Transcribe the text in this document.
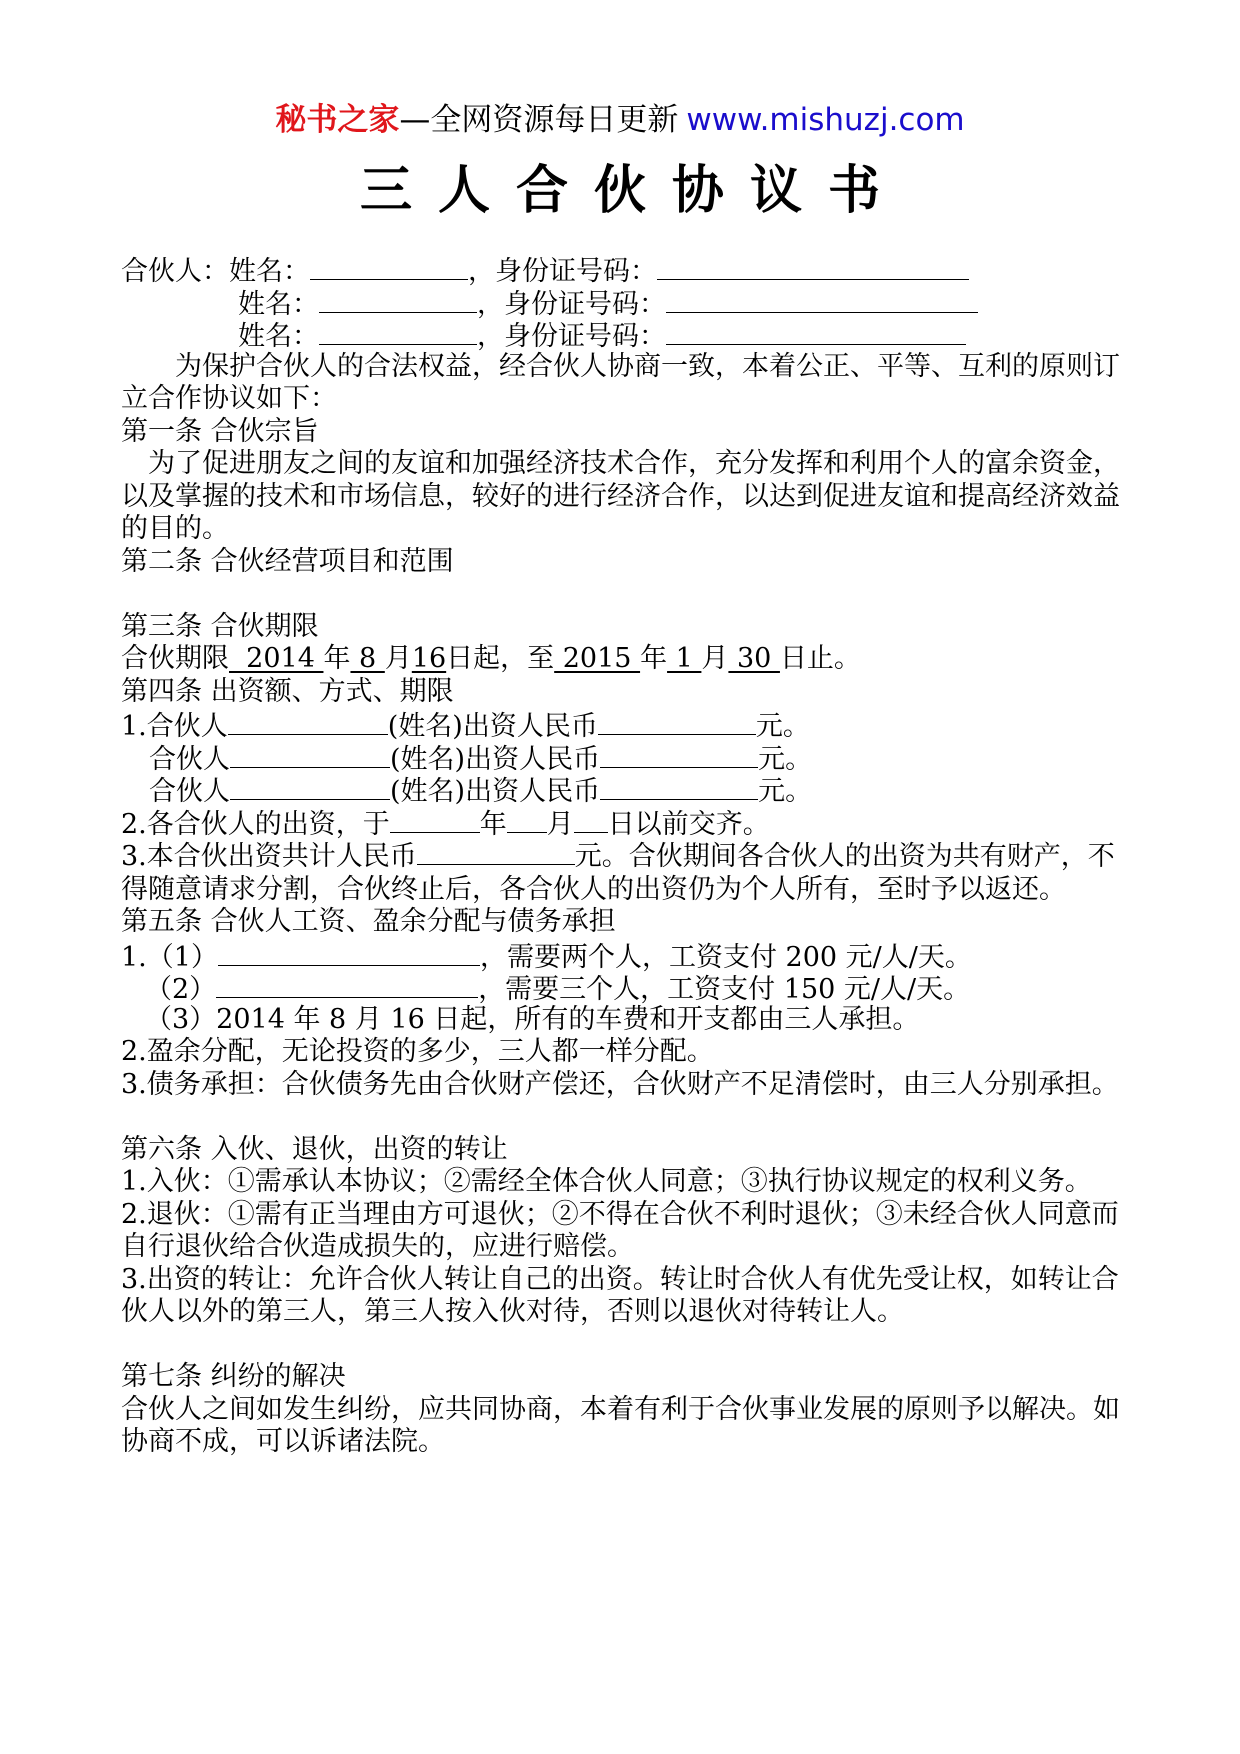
秘书之家—全网资源每日更新 www.mishuzj.com
三人合伙协议书
合伙人：姓名：	，身份证号码：
姓名：	，身份证号码：
姓名：	，身份证号码：
为保护合伙人的合法权益，经合伙人协商一致，本着公正、平等、互利的原则订立合作协议如下：
第一条 合伙宗旨
为了促进朋友之间的友谊和加强经济技术合作，充分发挥和利用个人的富余资金，以及掌握的技术和市场信息，较好的进行经济合作，以达到促进友谊和提高经济效益的目的。
第二条 合伙经营项目和范围
第三条 合伙期限
合伙期限  2014 年 8 月16日起，至 2015 年 1 月 30 日止。
第四条 出资额、方式、期限
1.合伙人	(姓名)出资人民币	元。
合伙人	(姓名)出资人民币	元。
合伙人	(姓名)出资人民币	元。
2.各合伙人的出资，于	年 月 日以前交齐。
3.本合伙出资共计人民币	元。合伙期间各合伙人的出资为共有财产，不得随意请求分割，合伙终止后，各合伙人的出资仍为个人所有，至时予以返还。
第五条 合伙人工资、盈余分配与债务承担
1.（1）	，需要两个人，工资支付 200 元/人/天。
（2）	，需要三个人，工资支付 150 元/人/天。
（3）2014 年 8 月 16 日起，所有的车费和开支都由三人承担。
2.盈余分配，无论投资的多少，三人都一样分配。
3.债务承担：合伙债务先由合伙财产偿还，合伙财产不足清偿时，由三人分别承担。
第六条 入伙、退伙，出资的转让
1.入伙：①需承认本协议；②需经全体合伙人同意；③执行协议规定的权利义务。
2.退伙：①需有正当理由方可退伙；②不得在合伙不利时退伙；③未经合伙人同意而自行退伙给合伙造成损失的，应进行赔偿。
3.出资的转让：允许合伙人转让自己的出资。转让时合伙人有优先受让权，如转让合伙人以外的第三人，第三人按入伙对待，否则以退伙对待转让人。
第七条 纠纷的解决
合伙人之间如发生纠纷，应共同协商，本着有利于合伙事业发展的原则予以解决。如协商不成，可以诉诸法院。
